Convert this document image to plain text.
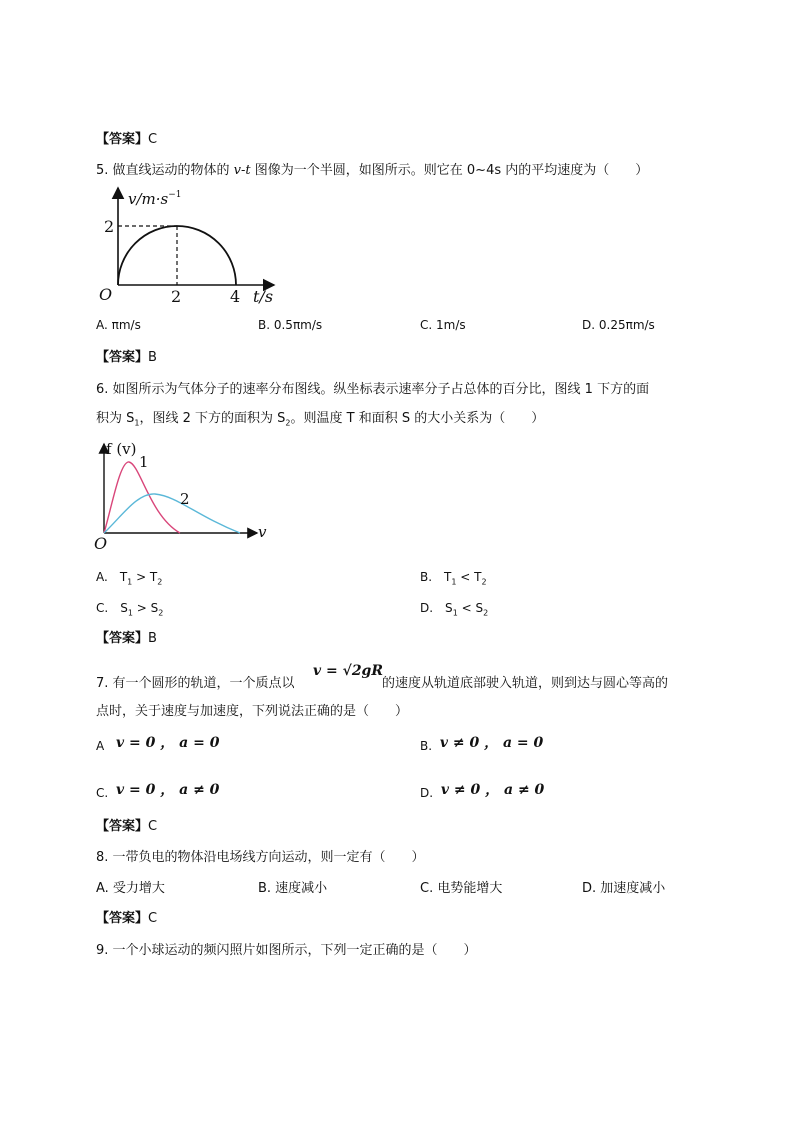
【答案】C
5. 做直线运动的物体的 v-t 图像为一个半圆，如图所示。则它在 0~4s 内的平均速度为（　　）
$v/m\cdot s^{-1}$
2
O	2	4 t/s
A. πm/s	B. 0.5πm/s	C. 1m/s	D. 0.25πm/s
【答案】B
6. 如图所示为气体分子的速率分布图线。纵坐标表示速率分子占总体的百分比，图线 1 下方的面
积为 $S_1$，图线 2 下方的面积为 $S_2$。则温度 T 和面积 S 的大小关系为（　　）
f (v)
1
2
O
v
A.　$T_1 > T_2$	B.　$T_1 < T_2$
C.　$S_1 > S_2$	D.　$S_1 < S_2$
【答案】B
7. 有一个圆形的轨道，一个质点以
v = √2gR
的速度从轨道底部驶入轨道，则到达与圆心等高的
点时，关于速度与加速度，下列说法正确的是（　　）
A v = 0 ， a = 0	B. v ≠ 0 ， a = 0
C. v = 0 ， a ≠ 0	D. v ≠ 0 ， a ≠ 0
【答案】C
8. 一带负电的物体沿电场线方向运动，则一定有（　　）
A. 受力增大	B. 速度减小	C. 电势能增大	D. 加速度减小
【答案】C
9. 一个小球运动的频闪照片如图所示，下列一定正确的是（　　）
